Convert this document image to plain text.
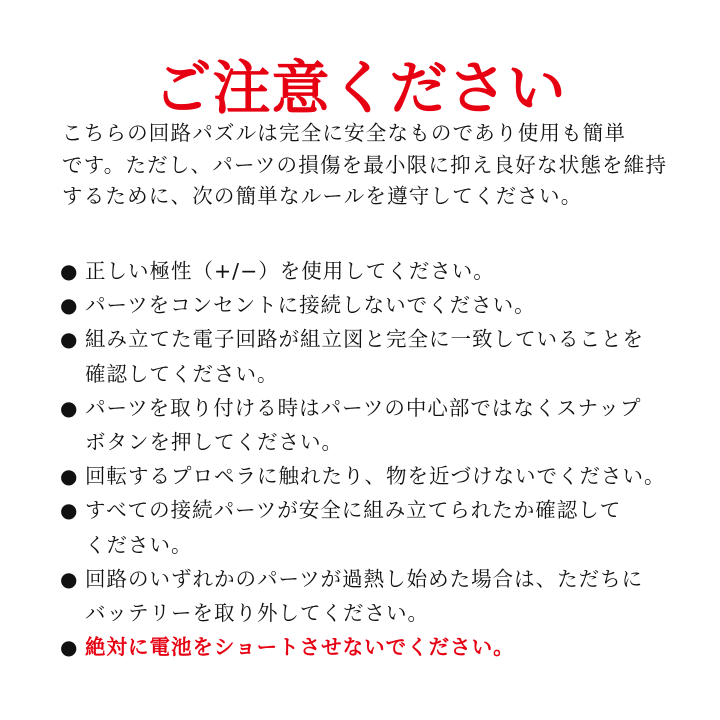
ご注意ください
こちらの回路パズルは完全に安全なものであり使用も簡単
です。ただし、パーツの損傷を最小限に抑え良好な状態を維持
するために、次の簡単なルールを遵守してください。
● 正しい極性（+/−）を使用してください。
● パーツをコンセントに接続しないでください。
● 組み立てた電子回路が組立図と完全に一致していることを
確認してください。
● パーツを取り付ける時はパーツの中心部ではなくスナップ
ボタンを押してください。
● 回転するプロペラに触れたり、物を近づけないでください。
● すべての接続パーツが安全に組み立てられたか確認して
ください。
● 回路のいずれかのパーツが過熱し始めた場合は、ただちに
バッテリーを取り外してください。
● 絶対に電池をショートさせないでください。
